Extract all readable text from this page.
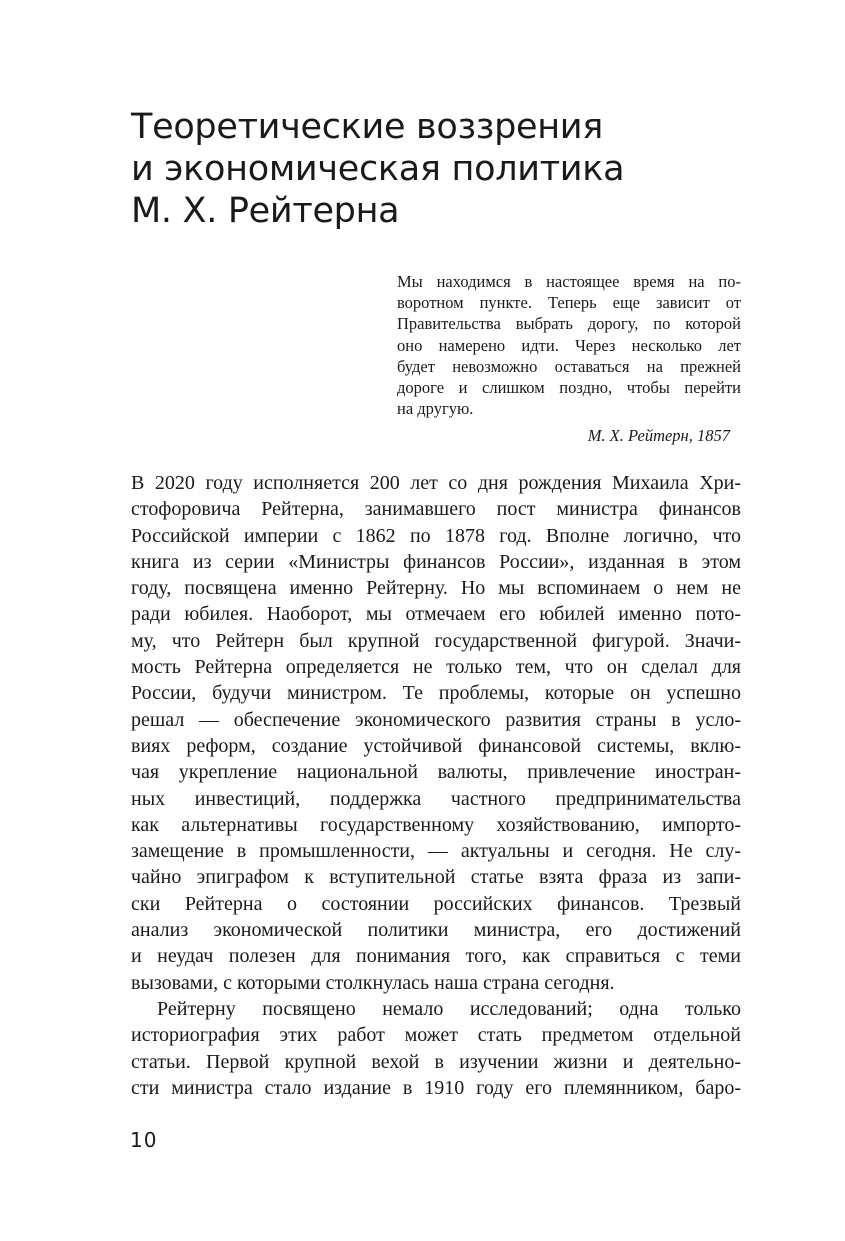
Теоретические воззрения
и экономическая политика
М. Х. Рейтерна
Мы находимся в настоящее время на по-
воротном пункте. Теперь еще зависит от
Правительства выбрать дорогу, по которой
оно намерено идти. Через несколько лет
будет невозможно оставаться на прежней
дороге и слишком поздно, чтобы перейти
на другую.
М. Х. Рейтерн, 1857
В 2020 году исполняется 200 лет со дня рождения Михаила Хри-
стофоровича Рейтерна, занимавшего пост министра финансов
Российской империи с 1862 по 1878 год. Вполне логично, что
книга из серии «Министры финансов России», изданная в этом
году, посвящена именно Рейтерну. Но мы вспоминаем о нем не
ради юбилея. Наоборот, мы отмечаем его юбилей именно пото-
му, что Рейтерн был крупной государственной фигурой. Значи-
мость Рейтерна определяется не только тем, что он сделал для
России, будучи министром. Те проблемы, которые он успешно
решал — обеспечение экономического развития страны в усло-
виях реформ, создание устойчивой финансовой системы, вклю-
чая укрепление национальной валюты, привлечение иностран-
ных инвестиций, поддержка частного предпринимательства
как альтернативы государственному хозяйствованию, импорто-
замещение в промышленности, — актуальны и сегодня. Не слу-
чайно эпиграфом к вступительной статье взята фраза из запи-
ски Рейтерна о состоянии российских финансов. Трезвый
анализ экономической политики министра, его достижений
и неудач полезен для понимания того, как справиться с теми
вызовами, с которыми столкнулась наша страна сегодня.
Рейтерну посвящено немало исследований; одна только
историография этих работ может стать предметом отдельной
статьи. Первой крупной вехой в изучении жизни и деятельно-
сти министра стало издание в 1910 году его племянником, баро-
10
